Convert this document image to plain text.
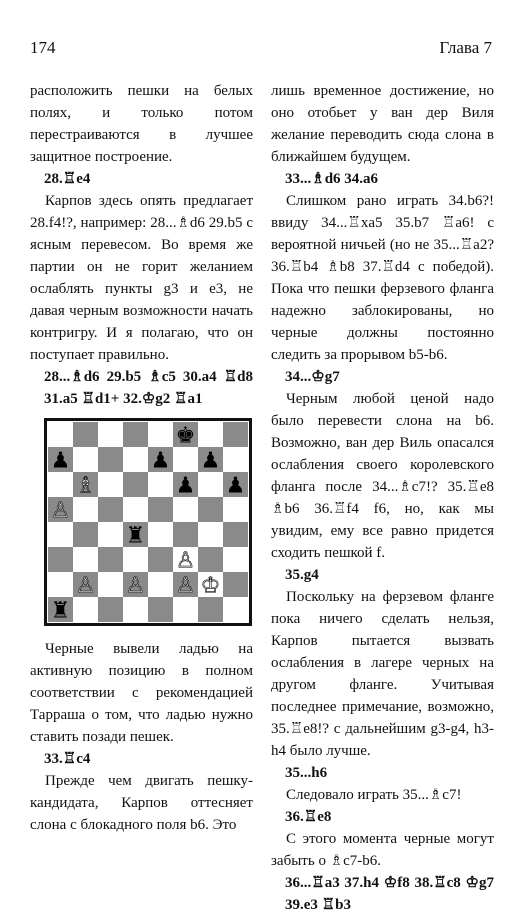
174	Глава 7

расположить пешки на белых полях, и только потом перестраиваются в лучшее защитное построение.

28.♖e4

Карпов здесь опять предлагает 28.f4!?, например: 28...♗d6 29.b5 с ясным перевесом. Во время же партии он не горит желанием ослаблять пункты g3 и e3, не давая черным возможности начать контригру. И я полагаю, что он поступает правильно.

28...♗d6 29.b5 ♗c5 30.a4 ♖d8 31.a5 ♖d1+ 32.♔g2 ♖a1

♚
♟	♟ ♟
♟
♗	♟
♙
♜
♙
♙ ♙ ♙ ♔
♜

Черные вывели ладью на активную позицию в полном соответствии с рекомендацией Тарраша о том, что ладью нужно ставить позади пешек.

33.♖c4

Прежде чем двигать пешку-кандидата, Карпов оттесняет слона с блокадного поля b6. Это

лишь временное достижение, но оно отобьет у ван дер Виля желание переводить сюда слона в ближайшем будущем.

33...♗d6 34.a6

Слишком рано играть 34.b6?! ввиду 34...♖xa5 35.b7 ♖a6! с вероятной ничьей (но не 35...♖a2? 36.♖b4 ♗b8 37.♖d4 с победой). Пока что пешки ферзевого фланга надежно заблокированы, но черные должны постоянно следить за прорывом b5-b6.

34...♔g7

Черным любой ценой надо было перевести слона на b6. Возможно, ван дер Виль опасался ослабления своего королевского фланга после 34...♗c7!? 35.♖e8 ♗b6 36.♖f4 f6, но, как мы увидим, ему все равно придется сходить пешкой f.

35.g4

Поскольку на ферзевом фланге пока ничего сделать нельзя, Карпов пытается вызвать ослабления в лагере черных на другом фланге. Учитывая последнее примечание, возможно, 35.♖e8!? с дальнейшим g3-g4, h3-h4 было лучше.

35...h6

Следовало играть 35...♗c7!

36.♖e8

С этого момента черные могут забыть о ♗c7-b6.

36...♖a3 37.h4 ♔f8 38.♖c8 ♔g7 39.e3 ♖b3
